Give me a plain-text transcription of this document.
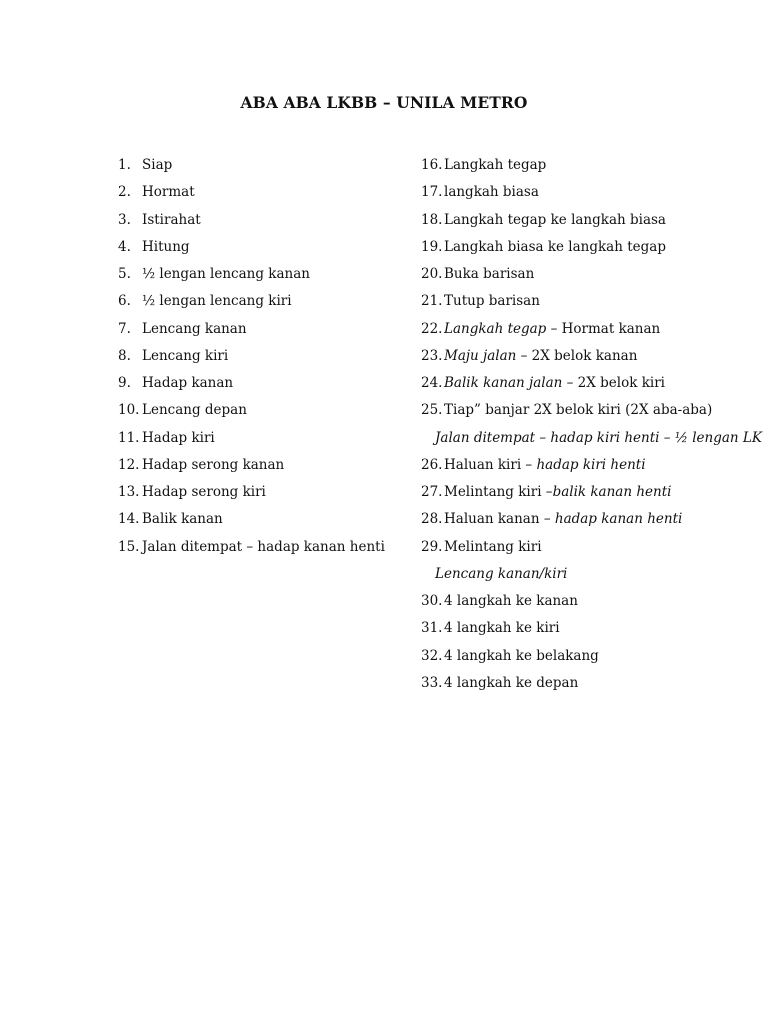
ABA ABA LKBB – UNILA METRO
1. Siap
2. Hormat
3. Istirahat
4. Hitung
5. ½ lengan lencang kanan
6. ½ lengan lencang kiri
7. Lencang kanan
8. Lencang kiri
9. Hadap kanan
10. Lencang depan
11. Hadap kiri
12. Hadap serong kanan
13. Hadap serong kiri
14. Balik kanan
15. Jalan ditempat – hadap kanan henti
16. Langkah tegap
17. langkah biasa
18. Langkah tegap ke langkah biasa
19. Langkah biasa ke langkah tegap
20. Buka barisan
21. Tutup barisan
22. Langkah tegap – Hormat kanan
23. Maju jalan – 2X belok kanan
24. Balik kanan jalan – 2X belok kiri
25. Tiap” banjar 2X belok kiri (2X aba-aba)
Jalan ditempat – hadap kiri henti – ½ lengan LK
26. Haluan kiri – hadap kiri henti
27. Melintang kiri –balik kanan henti
28. Haluan kanan – hadap kanan henti
29. Melintang kiri
Lencang kanan/kiri
30. 4 langkah ke kanan
31. 4 langkah ke kiri
32. 4 langkah ke belakang
33. 4 langkah ke depan
